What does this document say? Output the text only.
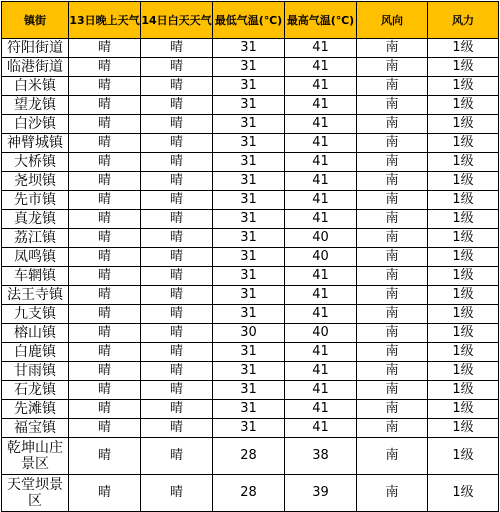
镇街	13日晚上天气	14日白天天气	最低气温(℃)	最高气温(℃)	风向	风力
符阳街道	晴	晴	31	41	南	1级
临港街道	晴	晴	31	41	南	1级
白米镇	晴	晴	31	41	南	1级
望龙镇	晴	晴	31	41	南	1级
白沙镇	晴	晴	31	41	南	1级
神臂城镇	晴	晴	31	41	南	1级
大桥镇	晴	晴	31	41	南	1级
尧坝镇	晴	晴	31	41	南	1级
先市镇	晴	晴	31	41	南	1级
真龙镇	晴	晴	31	41	南	1级
荔江镇	晴	晴	31	40	南	1级
凤鸣镇	晴	晴	31	40	南	1级
车辋镇	晴	晴	31	41	南	1级
法王寺镇	晴	晴	31	41	南	1级
九支镇	晴	晴	31	41	南	1级
榕山镇	晴	晴	30	40	南	1级
白鹿镇	晴	晴	31	41	南	1级
甘雨镇	晴	晴	31	41	南	1级
石龙镇	晴	晴	31	41	南	1级
先滩镇	晴	晴	31	41	南	1级
福宝镇	晴	晴	31	41	南	1级
乾坤山庄景区	晴	晴	28	38	南	1级
天堂坝景区	晴	晴	28	39	南	1级
